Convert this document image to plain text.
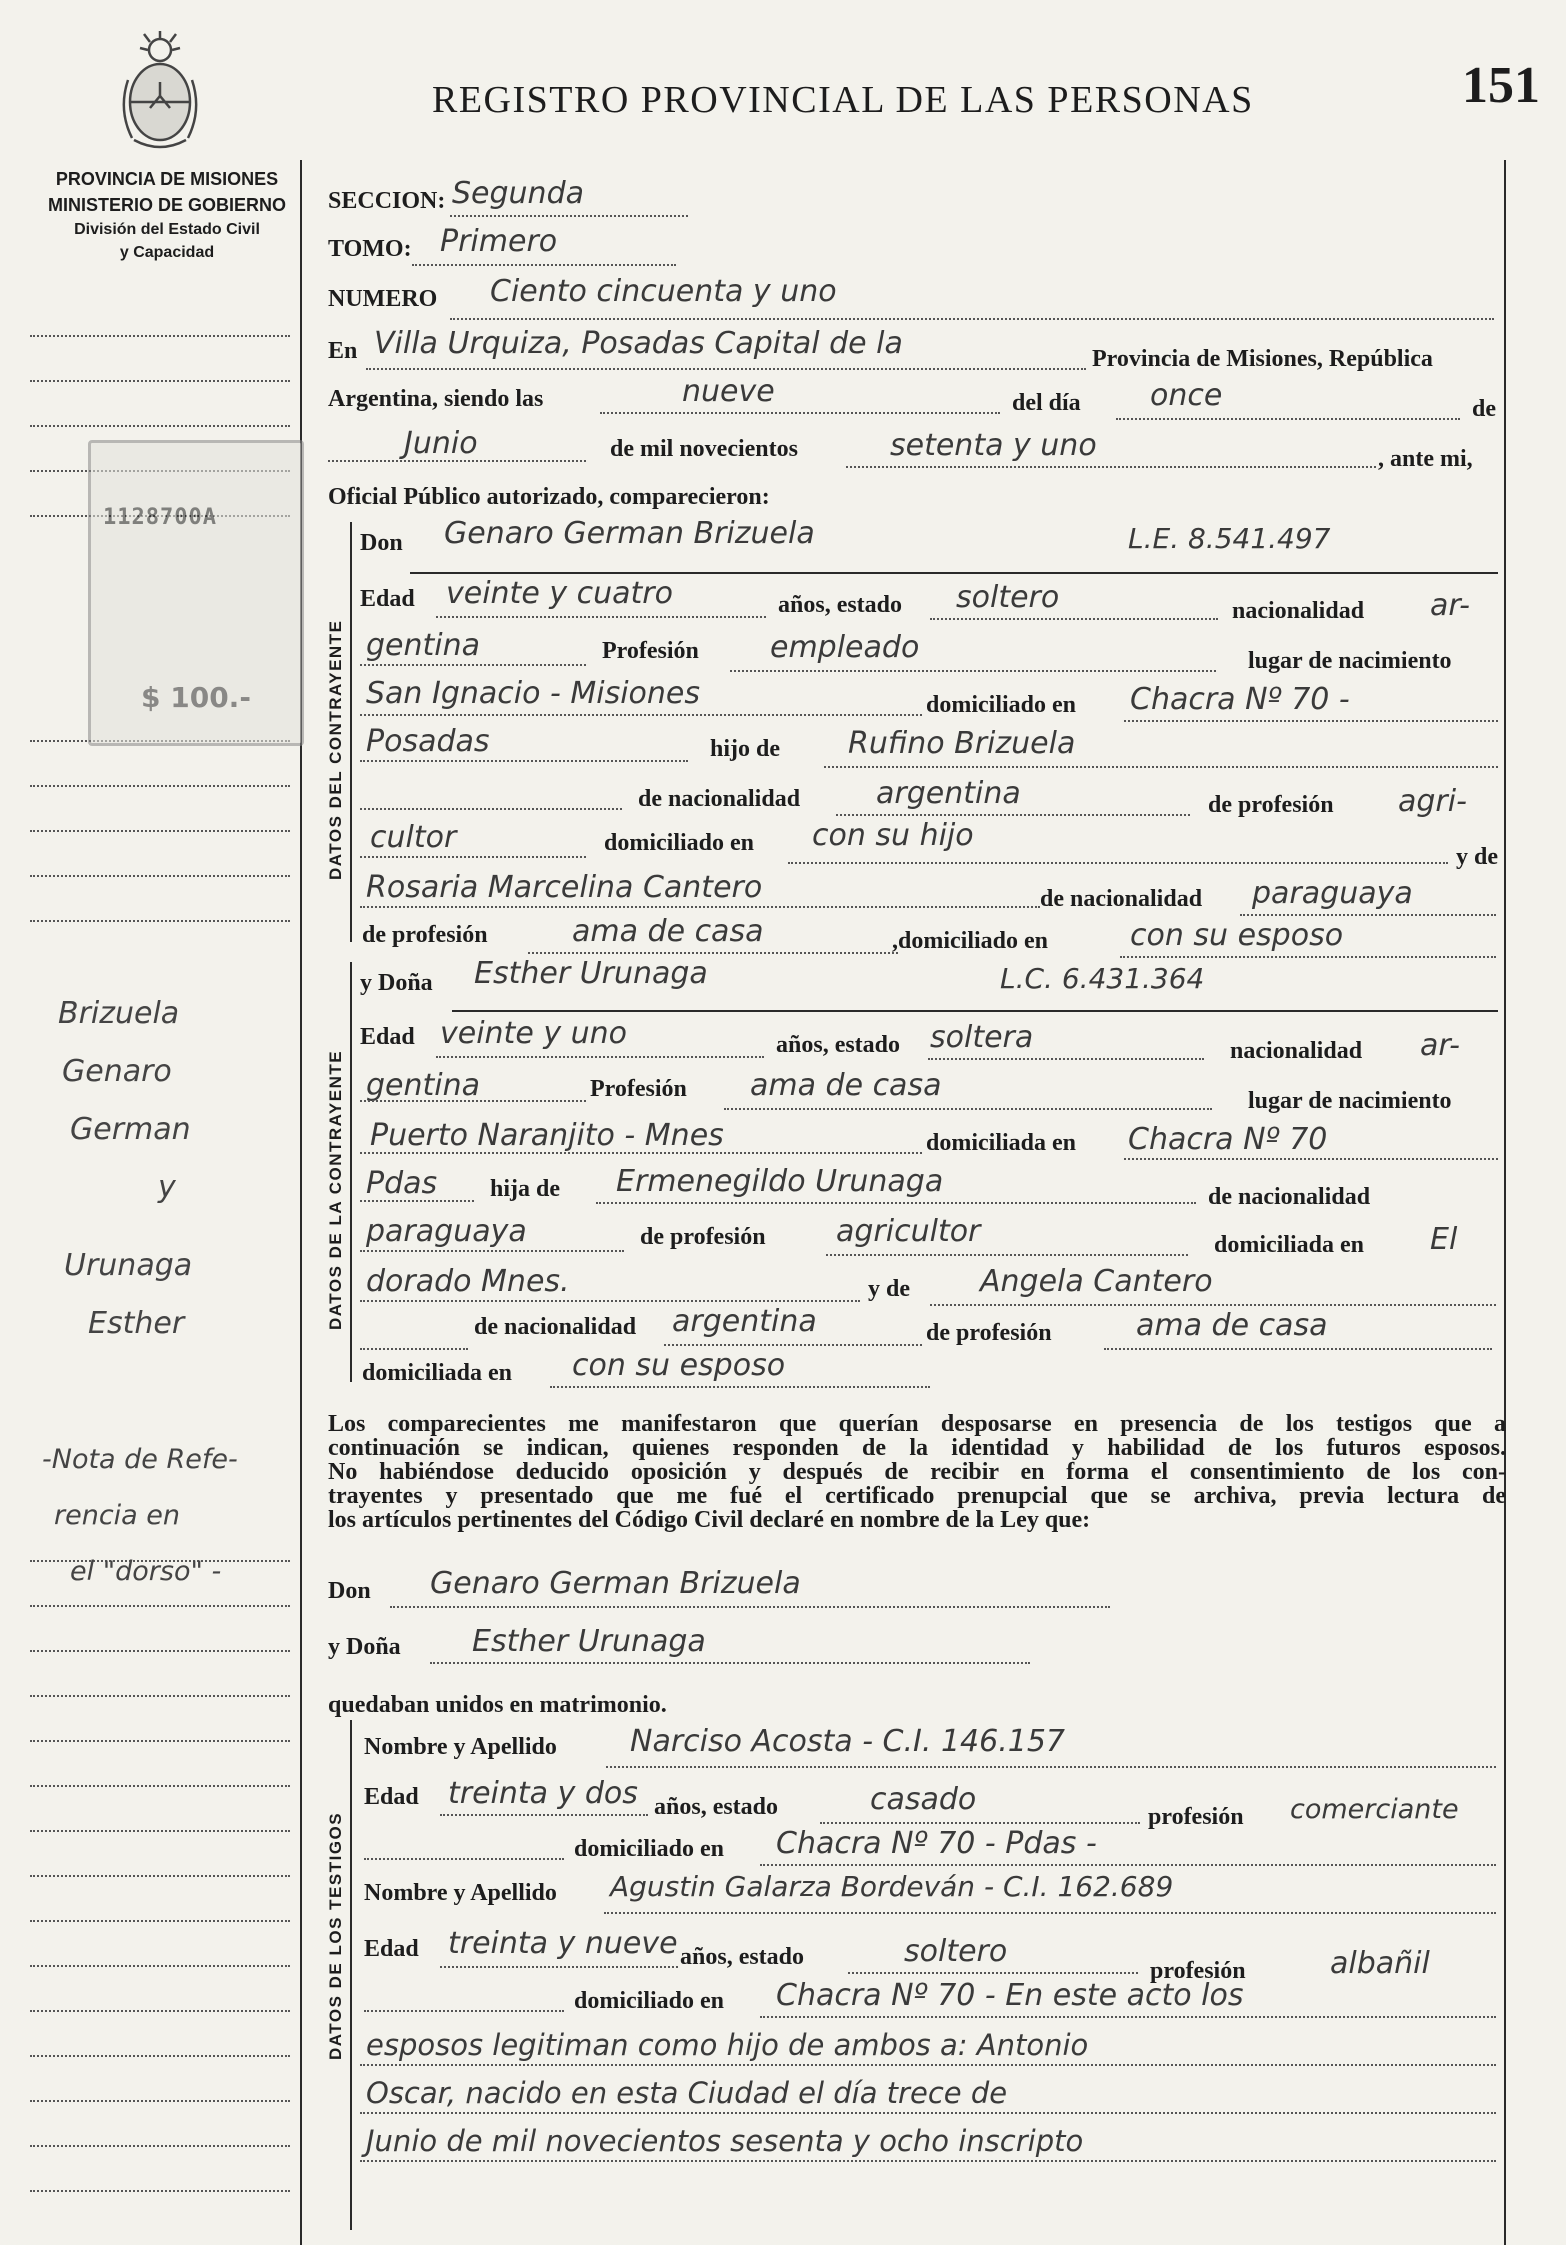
REGISTRO PROVINCIAL DE LAS PERSONAS	151
PROVINCIA DE MISIONES
MINISTERIO DE GOBIERNO
División del Estado Civil
y Capacidad
1128700A
$ 100.-
Brizuela
Genaro
German
y
Urunaga
Esther
-Nota de Refe-
rencia en
el "dorso" -
SECCION: Segunda
TOMO: Primero
NUMERO Ciento cincuenta y uno
En Villa Urquiza, Posadas Capital de la	Provincia de Misiones, República
Argentina, siendo las	nueve	del día once	de
Junio	de mil novecientos	setenta y uno	, ante mi,
Oficial Público autorizado, comparecieron:
DATOS DEL CONTRAYENTE
Don Genaro German Brizuela	L.E. 8.541.497
Edad veinte y cuatro	años, estado soltero	nacionalidad ar-
gentina	Profesión empleado	lugar de nacimiento
San Ignacio - Misiones	domiciliado en Chacra Nº 70 -
Posadas	hijo de Rufino Brizuela
de nacionalidad	argentina	de profesión agri-
cultor	domiciliado en con su hijo
y de
Rosaria Marcelina Cantero	de nacionalidad paraguaya
de profesión	ama de casa	,domiciliado en	con su esposo
DATOS DE LA CONTRAYENTE
y Doña Esther Urunaga	L.C. 6.431.364
Edad veinte y uno	años, estado soltera	nacionalidad ar-
gentina	Profesión ama de casa	lugar de nacimiento
Puerto Naranjito - Mnes	domiciliada en Chacra Nº 70
Pdas hija de Ermenegildo Urunaga	de nacionalidad
paraguaya	de profesión agricultor	domiciliada en El
dorado Mnes.	y de Angela Cantero
de nacionalidad argentina	de profesión	ama de casa
domiciliada en con su esposo
Los comparecientes me manifestaron que querían desposarse en presencia de los testigos que a
continuación se indican, quienes responden de la identidad y habilidad de los futuros esposos.
No habiéndose deducido oposición y después de recibir en forma el consentimiento de los con-
trayentes y presentado que me fué el certificado prenupcial que se archiva, previa lectura de
los artículos pertinentes del Código Civil declaré en nombre de la Ley que:
Don Genaro German Brizuela
y Doña Esther Urunaga
quedaban unidos en matrimonio.
DATOS DE LOS TESTIGOS
Nombre y Apellido Narciso Acosta - C.I. 146.157
Edad treinta y dos años, estado	casado	profesión comerciante
domiciliado en Chacra Nº 70 - Pdas -
Nombre y Apellido Agustin Galarza Bordeván - C.I. 162.689
Edad treinta y nueve años, estado	soltero
profesión	albañil
domiciliado en Chacra Nº 70 - En este acto los
esposos legitiman como hijo de ambos a: Antonio
Oscar, nacido en esta Ciudad el día trece de
Junio de mil novecientos sesenta y ocho inscripto
